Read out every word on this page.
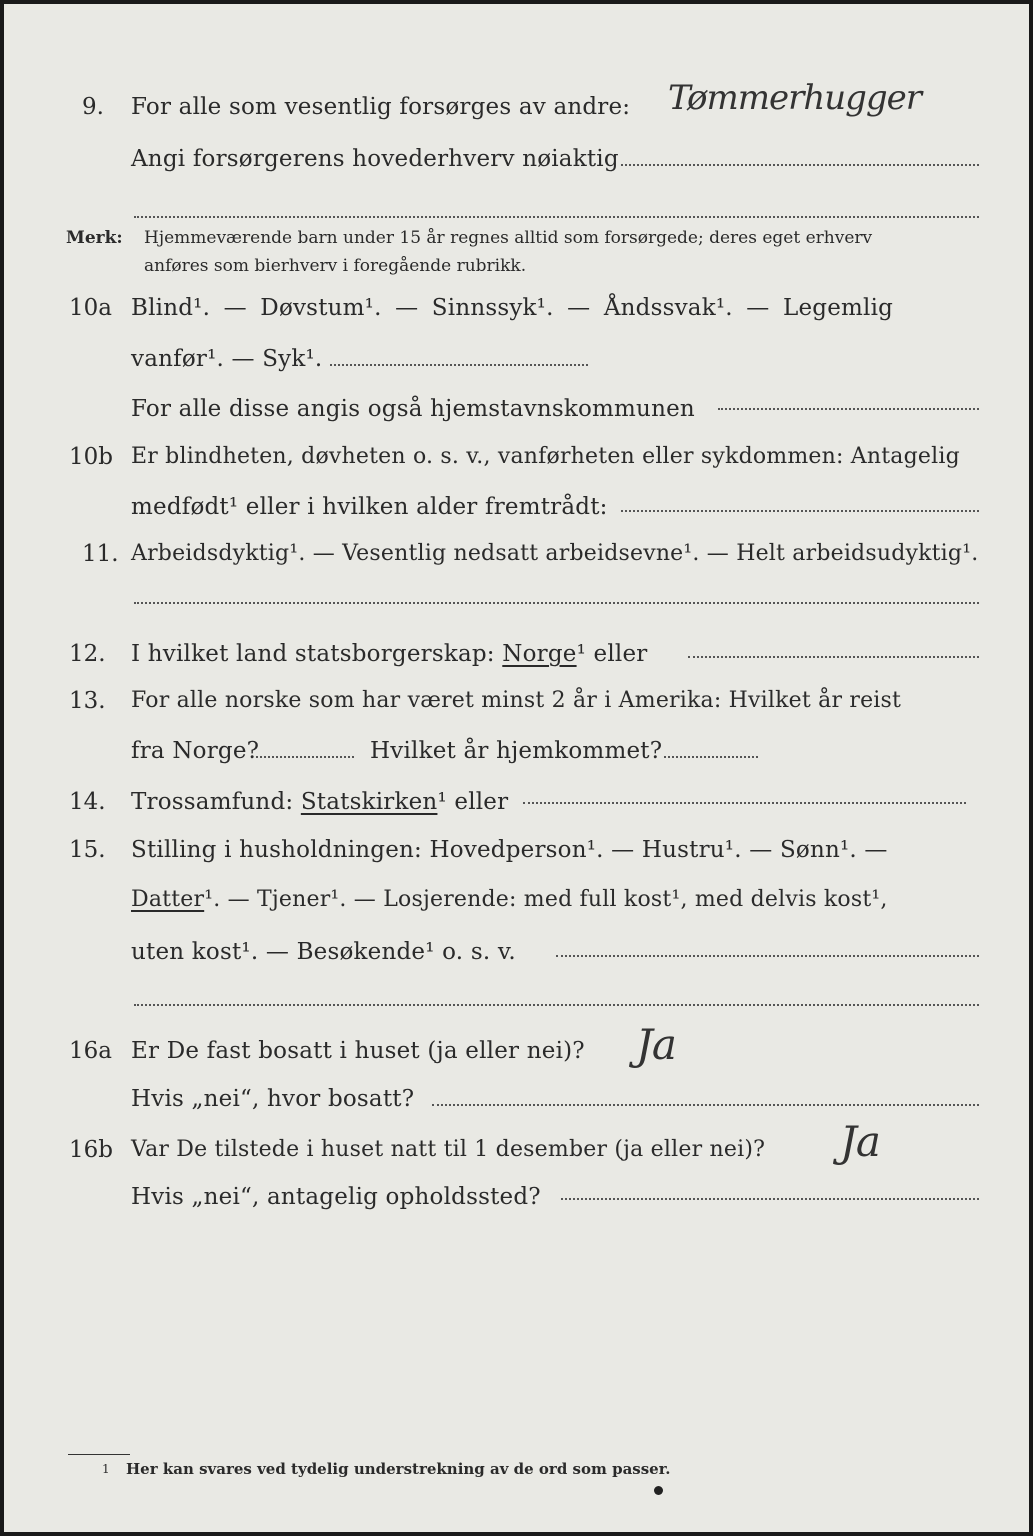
9. For alle som vesentlig forsørges av andre: Tømmerhugger
Angi forsørgerens hovederhverv nøiaktig
Merk: Hjemmeværende barn under 15 år regnes alltid som forsørgede; deres eget erhverv
anføres som bierhverv i foregående rubrikk.
10a Blind¹. — Døvstum¹. — Sinnssyk¹. — Åndssvak¹. — Legemlig
vanfør¹. — Syk¹.
For alle disse angis også hjemstavnskommunen
10b Er blindheten, døvheten o. s. v., vanførheten eller sykdommen: Antagelig
medfødt¹ eller i hvilken alder fremtrådt:
11. Arbeidsdyktig¹. — Vesentlig nedsatt arbeidsevne¹. — Helt arbeidsudyktig¹.
12. I hvilket land statsborgerskap: Norge¹ eller
13. For alle norske som har været minst 2 år i Amerika: Hvilket år reist
fra Norge?	Hvilket år hjemkommet?
14. Trossamfund: Statskirken¹ eller
15. Stilling i husholdningen: Hovedperson¹. — Hustru¹. — Sønn¹. —
Datter¹. — Tjener¹. — Losjerende: med full kost¹, med delvis kost¹,
uten kost¹. — Besøkende¹ o. s. v.
16a Er De fast bosatt i huset (ja eller nei)? Ja
Hvis „nei“, hvor bosatt?
16b Var De tilstede i huset natt til 1 desember (ja eller nei)? Ja
Hvis „nei“, antagelig opholdssted?
1 Her kan svares ved tydelig understrekning av de ord som passer.
